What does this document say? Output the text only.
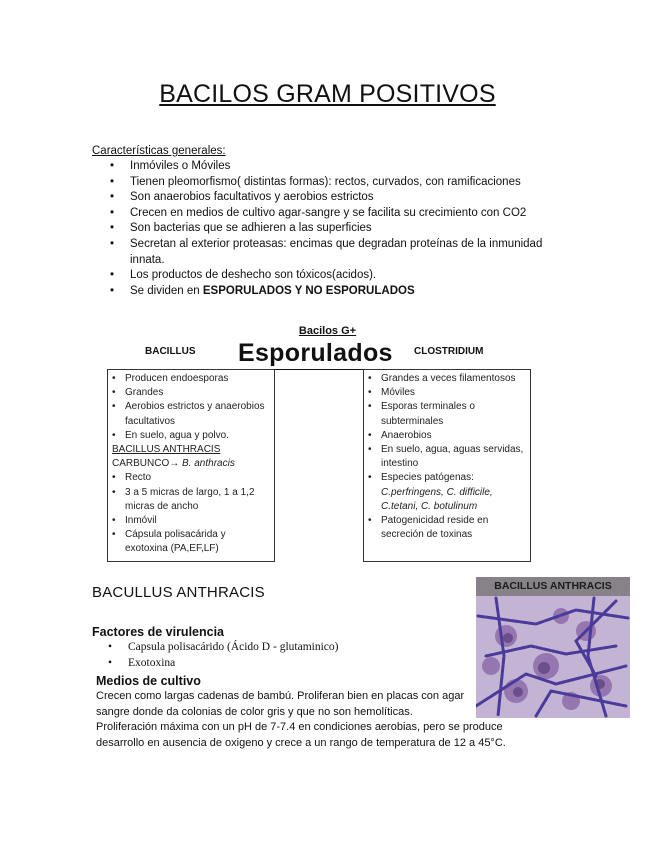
BACILOS GRAM POSITIVOS
Características generales:
• Inmóviles o Móviles
• Tienen pleomorfismo( distintas formas): rectos, curvados, con ramificaciones
• Son anaerobios facultativos y aerobios estrictos
• Crecen en medios de cultivo agar-sangre y se facilita su crecimiento con CO2
• Son bacterias que se adhieren a las superficies
• Secretan al exterior proteasas: encimas que degradan proteínas de la inmunidad innata.
• Los productos de deshecho son tóxicos(acidos).
• Se dividen en ESPORULADOS Y NO ESPORULADOS
Bacilos G+
BACILLUS Esporulados CLOSTRIDIUM
• Producen endoesporas
• Grandes
• Aerobios estrictos y anaerobios facultativos
• En suelo, agua y polvo.
BACILLUS ANTHRACIS
CARBUNCO→ B. anthracis
• Recto
• 3 a 5 micras de largo, 1 a 1,2 micras de ancho
• Inmóvil
• Cápsula polisacárida y exotoxina (PA,EF,LF)
• Grandes a veces filamentosos
• Móviles
• Esporas terminales o subterminales
• Anaerobios
• En suelo, agua, aguas servidas, intestino
• Especies patógenas: C.perfringens, C. difficile, C.tetani, C. botulinum
• Patogenicidad reside en secreción de toxinas
BACULLUS ANTHRACIS
Factores de virulencia
• Capsula polisacárido (Ácido D - glutaminico)
• Exotoxina
Medios de cultivo

Crecen como largas cadenas de bambú. Proliferan bien en placas con agar sangre donde da colonias de color gris y que no son hemolíticas.

Proliferación máxima con un pH de 7-7.4 en condiciones aerobias, pero se produce desarrollo en ausencia de oxigeno y crece a un rango de temperatura de 12 a 45°C.

BACILLUS ANTHRACIS
